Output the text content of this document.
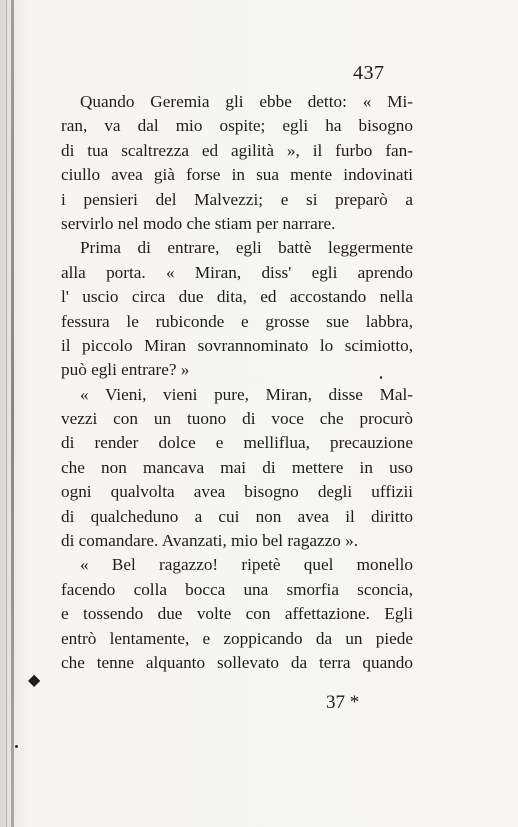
437
Quando Geremia gli ebbe detto: « Mi-
ran, va dal mio ospite; egli ha bisogno
di tua scaltrezza ed agilità », il furbo fan-
ciullo avea già forse in sua mente indovinati
i pensieri del Malvezzi; e si preparò a
servirlo nel modo che stiam per narrare.
Prima di entrare, egli battè leggermente
alla porta. « Miran, diss' egli aprendo
l' uscio circa due dita, ed accostando nella
fessura le rubiconde e grosse sue labbra,
il piccolo Miran sovrannominato lo scimiotto,
può egli entrare? »
« Vieni, vieni pure, Miran, disse Mal-
vezzi con un tuono di voce che procurò
di render dolce e melliflua, precauzione
che non mancava mai di mettere in uso
ogni qualvolta avea bisogno degli uffizii
di qualcheduno a cui non avea il diritto
di comandare. Avanzati, mio bel ragazzo ».
« Bel ragazzo! ripetè quel monello
facendo colla bocca una smorfia sconcia,
e tossendo due volte con affettazione. Egli
entrò lentamente, e zoppicando da un piede
che tenne alquanto sollevato da terra quando
◆
37 *
